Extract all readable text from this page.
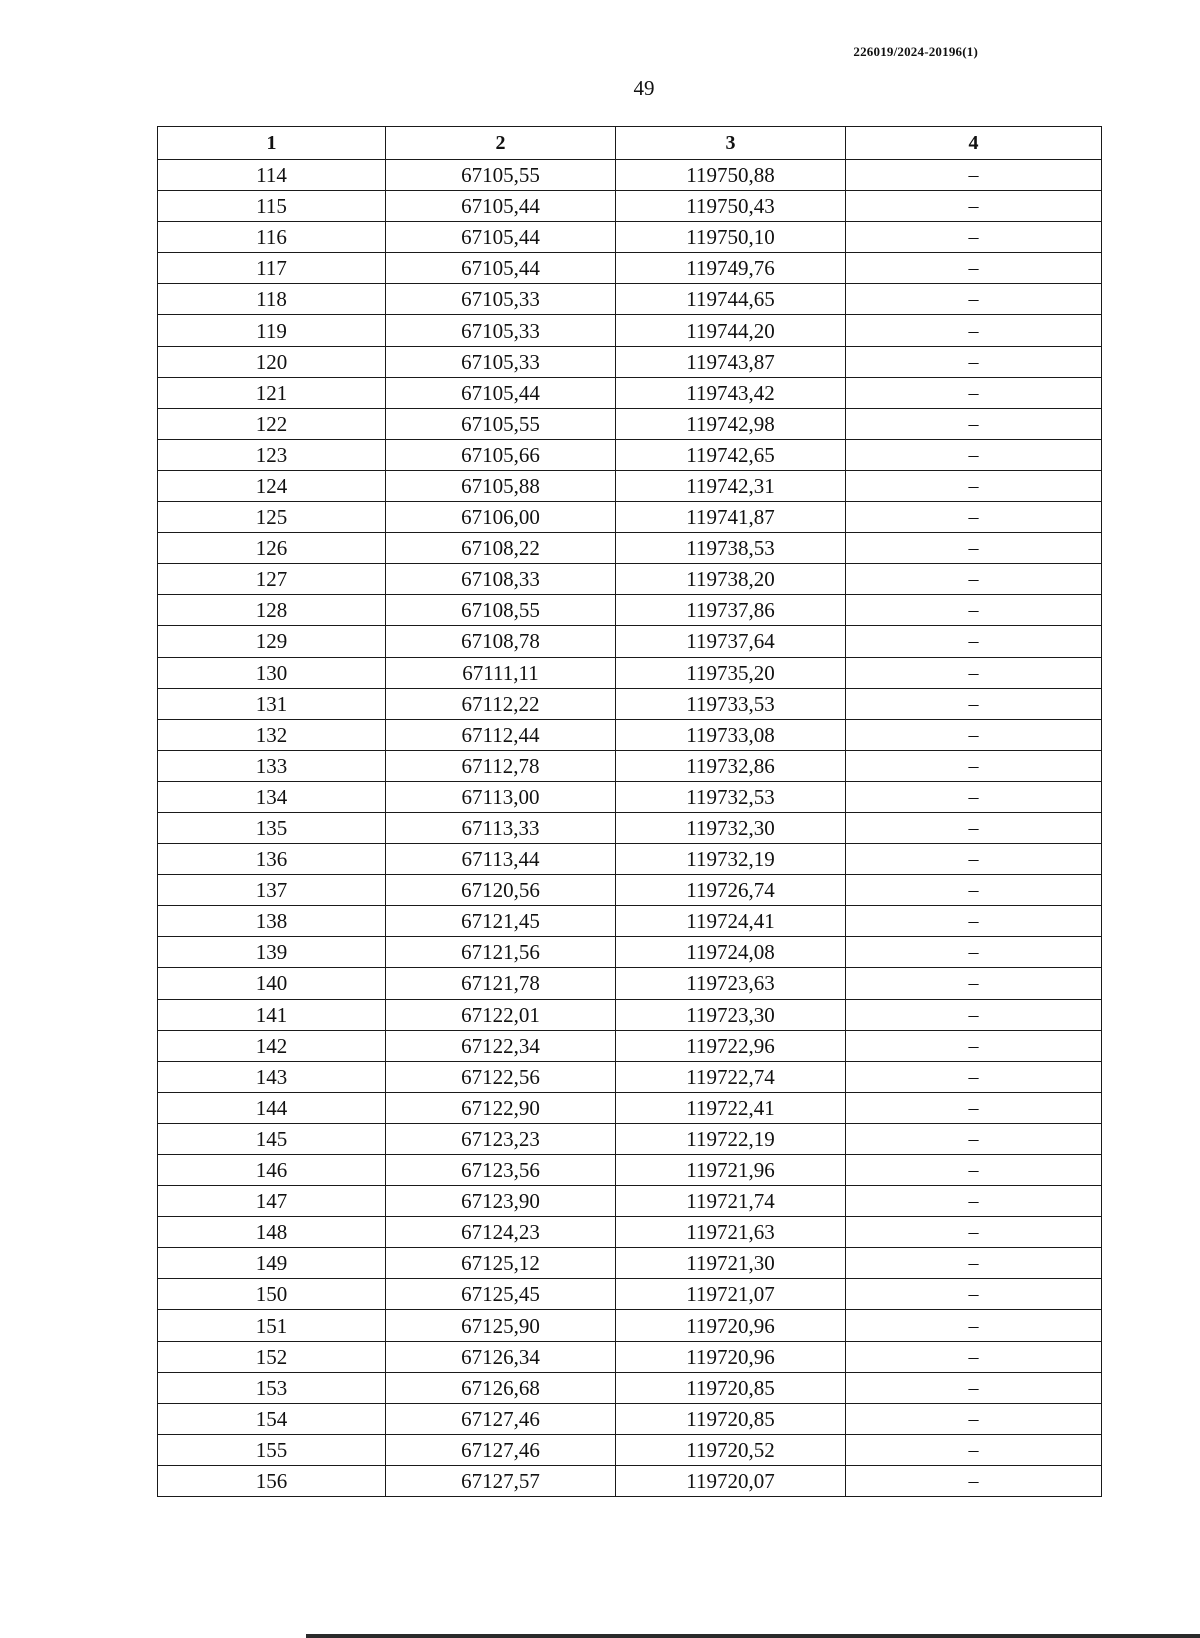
226019/2024-20196(1)
49
1	2	3	4
114	67105,55	119750,88	–
115	67105,44	119750,43	–
116	67105,44	119750,10	–
117	67105,44	119749,76	–
118	67105,33	119744,65	–
119	67105,33	119744,20	–
120	67105,33	119743,87	–
121	67105,44	119743,42	–
122	67105,55	119742,98	–
123	67105,66	119742,65	–
124	67105,88	119742,31	–
125	67106,00	119741,87	–
126	67108,22	119738,53	–
127	67108,33	119738,20	–
128	67108,55	119737,86	–
129	67108,78	119737,64	–
130	67111,11	119735,20	–
131	67112,22	119733,53	–
132	67112,44	119733,08	–
133	67112,78	119732,86	–
134	67113,00	119732,53	–
135	67113,33	119732,30	–
136	67113,44	119732,19	–
137	67120,56	119726,74	–
138	67121,45	119724,41	–
139	67121,56	119724,08	–
140	67121,78	119723,63	–
141	67122,01	119723,30	–
142	67122,34	119722,96	–
143	67122,56	119722,74	–
144	67122,90	119722,41	–
145	67123,23	119722,19	–
146	67123,56	119721,96	–
147	67123,90	119721,74	–
148	67124,23	119721,63	–
149	67125,12	119721,30	–
150	67125,45	119721,07	–
151	67125,90	119720,96	–
152	67126,34	119720,96	–
153	67126,68	119720,85	–
154	67127,46	119720,85	–
155	67127,46	119720,52	–
156	67127,57	119720,07	–
